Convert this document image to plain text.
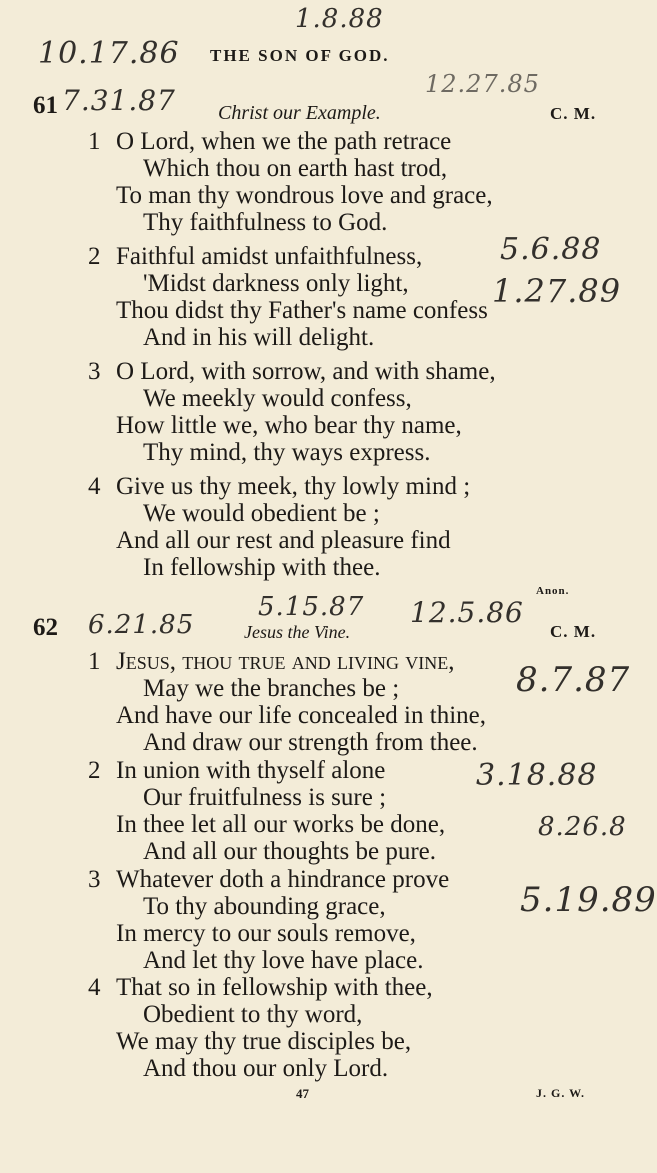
1.8.88
10.17.86 THE SON OF GOD.
12.27.85
61 7.31.87 Christ our Example.	C. M.
1 O Lord, when we the path retrace
Which thou on earth hast trod,
To man thy wondrous love and grace,
Thy faithfulness to God.
2 Faithful amidst unfaithfulness,
'Midst darkness only light,
Thou didst thy Father's name confess
And in his will delight.
5.6.88
1.27.89
3 O Lord, with sorrow, and with shame,
We meekly would confess,
How little we, who bear thy name,
Thy mind, thy ways express.
4 Give us thy meek, thy lowly mind ;
We would obedient be ;
And all our rest and pleasure find
In fellowship with thee.
Anon.
62 6.21.85
5.15.87 12.5.86
Jesus the Vine.	C. M.
1 Jesus, thou true and living vine,
May we the branches be ;
And have our life concealed in thine,
And draw our strength from thee.
8.7.87
2 In union with thyself alone
Our fruitfulness is sure ;
In thee let all our works be done,
And all our thoughts be pure.
3.18.88
8.26.8
3 Whatever doth a hindrance prove
To thy abounding grace,
In mercy to our souls remove,
And let thy love have place.
5.19.89
4 That so in fellowship with thee,
Obedient to thy word,
We may thy true disciples be,
And thou our only Lord.
47	J. G. W.
